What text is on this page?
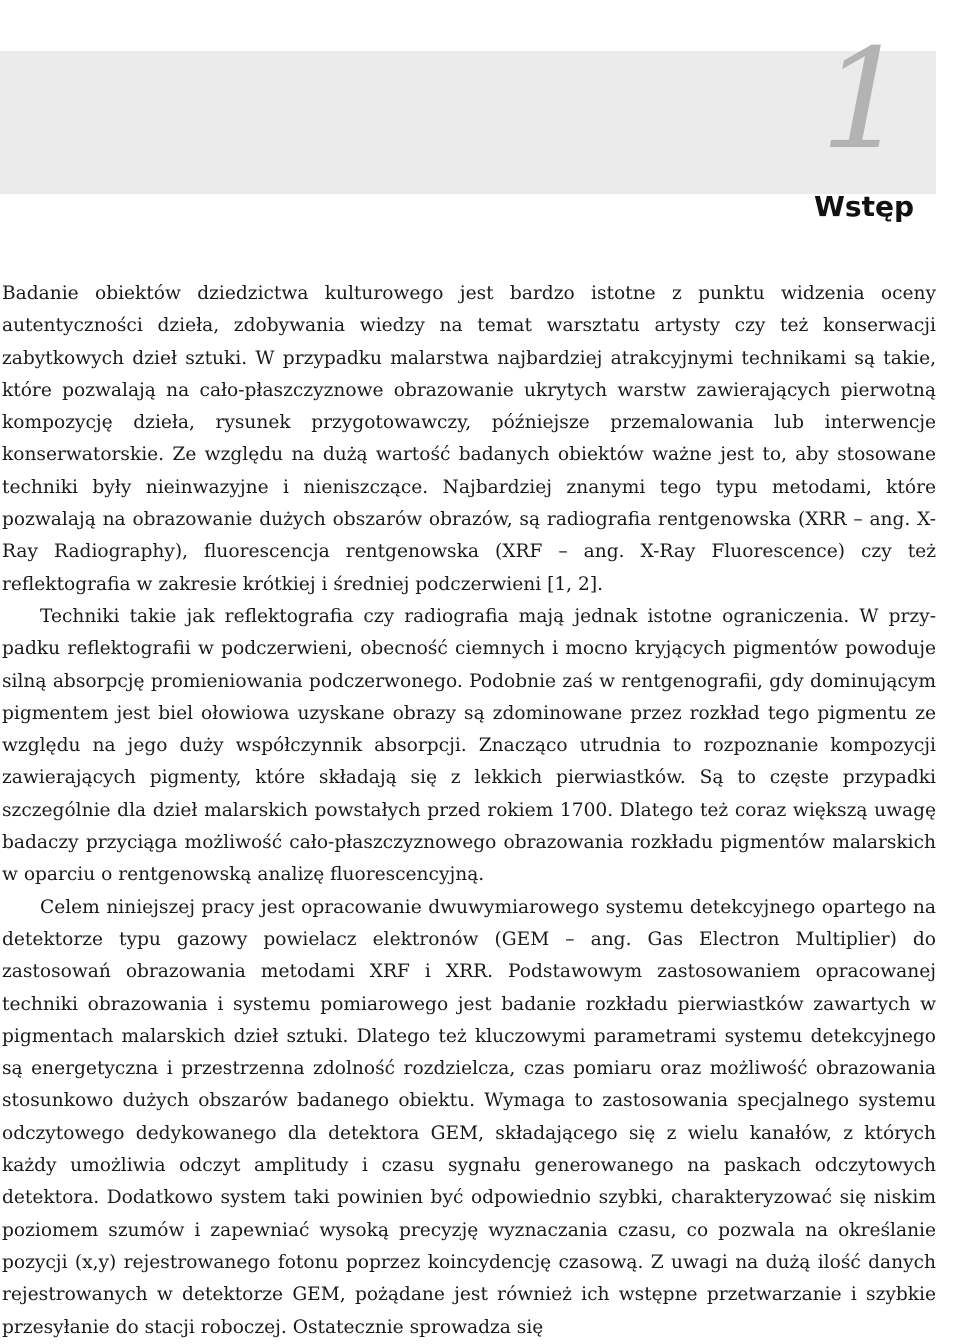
1
Wstęp

Badanie obiektów dziedzictwa kulturowego jest bardzo istotne z punktu widzenia oceny autentyczności dzieła, zdobywania wiedzy na temat warsztatu artysty czy też konserwacji zabytkowych dzieł sztuki. W przypadku malarstwa najbardziej atrakcyjnymi technikami są takie, które pozwalają na cało-płaszczyznowe obrazowanie ukrytych warstw zawierających pierwotną kompozycję dzieła, rysunek przygotowawczy, późniejsze przemalowania lub interwencje konserwatorskie. Ze względu na dużą wartość badanych obiektów ważne jest to, aby stosowane techniki były nieinwazyjne i nieniszczące. Najbardziej znanymi tego typu metodami, które pozwalają na obrazowanie dużych obszarów obrazów, są radiografia rentgenowska (XRR – ang. X-Ray Radiography), fluorescencja rentgenowska (XRF – ang. X-Ray Fluorescence) czy też reflektografia w zakresie krótkiej i średniej podczerwieni [1, 2].

Techniki takie jak reflektografia czy radiografia mają jednak istotne ograniczenia. W przypadku reflektografii w podczerwieni, obecność ciemnych i mocno kryjących pigmentów powoduje silną absorpcję promieniowania podczerwonego. Podobnie zaś w rentgenografii, gdy dominującym pigmentem jest biel ołowiowa uzyskane obrazy są zdominowane przez rozkład tego pigmentu ze względu na jego duży współczynnik absorpcji. Znacząco utrudnia to rozpoznanie kompozycji zawierających pigmenty, które składają się z lekkich pierwiastków. Są to częste przypadki szczególnie dla dzieł malarskich powstałych przed rokiem 1700. Dlatego też coraz większą uwagę badaczy przyciąga możliwość cało-płaszczyznowego obrazowania rozkładu pigmentów malarskich w oparciu o rentgenowską analizę fluorescencyjną.

Celem niniejszej pracy jest opracowanie dwuwymiarowego systemu detekcyjnego opartego na detektorze typu gazowy powielacz elektronów (GEM – ang. Gas Electron Multiplier) do zastosowań obrazowania metodami XRF i XRR. Podstawowym zastosowaniem opracowanej techniki obrazowania i systemu pomiarowego jest badanie rozkładu pierwiastków zawartych w pigmentach malarskich dzieł sztuki. Dlatego też kluczowymi parametrami systemu detekcyjnego są energetyczna i przestrzenna zdolność rozdzielcza, czas pomiaru oraz możliwość obrazowania stosunkowo dużych obszarów badanego obiektu. Wymaga to zastosowania specjalnego systemu odczytowego dedykowanego dla detektora GEM, składającego się z wielu kanałów, z których każdy umożliwia odczyt amplitudy i czasu sygnału generowanego na paskach odczytowych detektora. Dodatkowo system taki powinien być odpowiednio szybki, charakteryzować się niskim poziomem szumów i zapewniać wysoką precyzję wyznaczania czasu, co pozwala na określanie pozycji (x,y) rejestrowanego fotonu poprzez koincydencję czasową. Z uwagi na dużą ilość danych rejestrowanych w detektorze GEM, pożądane jest również ich wstępne przetwarzanie i szybkie przesyłanie do stacji roboczej. Ostatecznie sprowadza się
